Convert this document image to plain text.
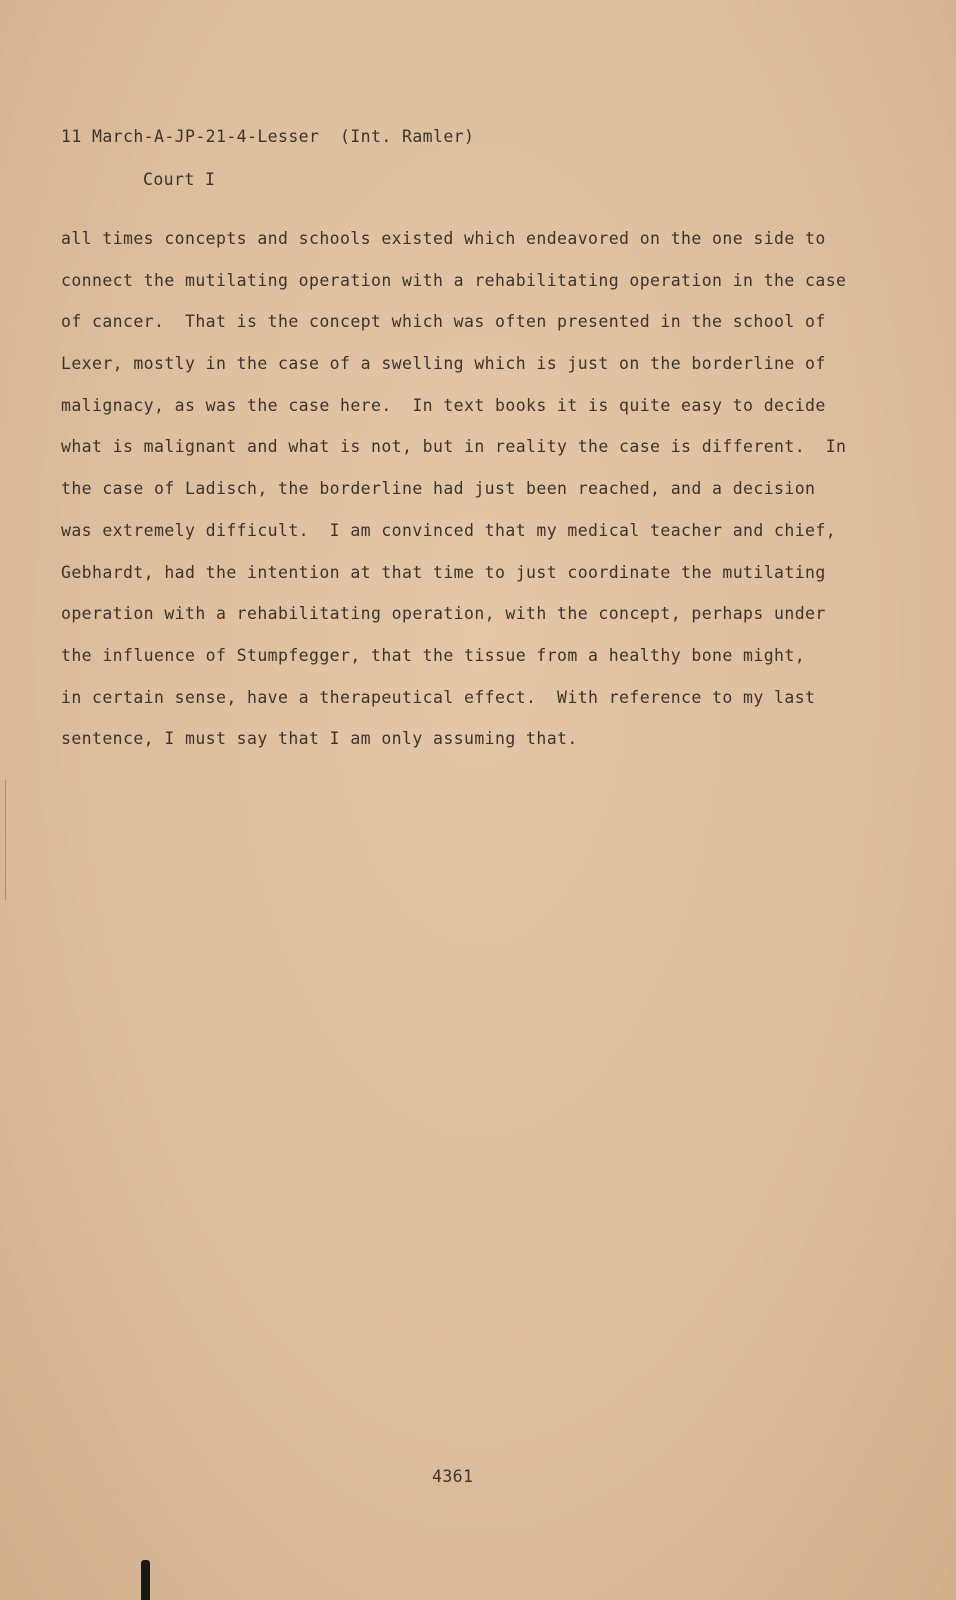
11 March-A-JP-21-4-Lesser  (Int. Ramler)

Court I

all times concepts and schools existed which endeavored on the one side to
connect the mutilating operation with a rehabilitating operation in the case
of cancer.  That is the concept which was often presented in the school of
Lexer, mostly in the case of a swelling which is just on the borderline of
malignacy, as was the case here.  In text books it is quite easy to decide
what is malignant and what is not, but in reality the case is different.  In
the case of Ladisch, the borderline had just been reached, and a decision
was extremely difficult.  I am convinced that my medical teacher and chief,
Gebhardt, had the intention at that time to just coordinate the mutilating
operation with a rehabilitating operation, with the concept, perhaps under
the influence of Stumpfegger, that the tissue from a healthy bone might,
in certain sense, have a therapeutical effect.  With reference to my last
sentence, I must say that I am only assuming that.

4361
